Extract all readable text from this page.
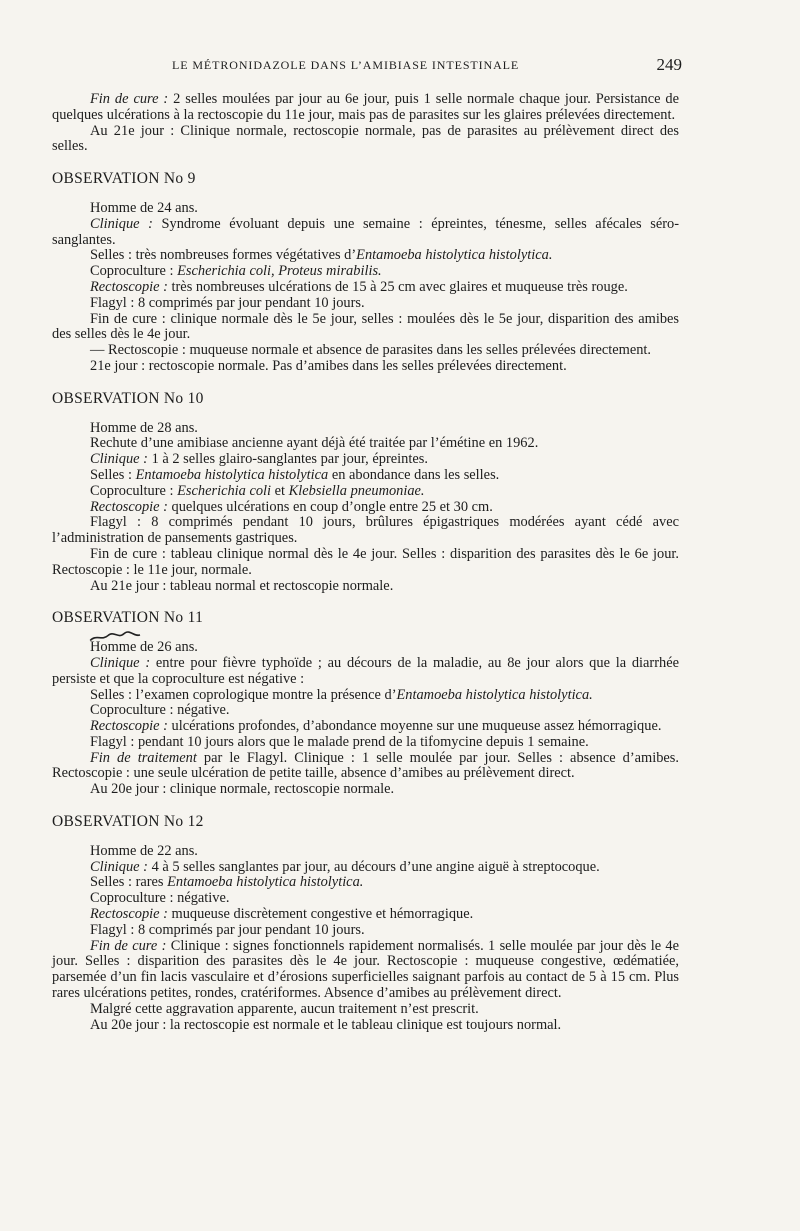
LE MÉTRONIDAZOLE DANS L’AMIBIASE INTESTINALE	249

Fin de cure : 2 selles moulées par jour au 6e jour, puis 1 selle normale chaque jour. Persistance de quelques ulcérations à la rectoscopie du 11e jour, mais pas de parasites sur les glaires prélevées directement.

Au 21e jour : Clinique normale, rectoscopie normale, pas de parasites au prélèvement direct des selles.

OBSERVATION No 9

Homme de 24 ans.

Clinique : Syndrome évoluant depuis une semaine : épreintes, ténesme, selles afécales séro-sanglantes.

Selles : très nombreuses formes végétatives d’Entamoeba histolytica histolytica.

Coproculture : Escherichia coli, Proteus mirabilis.

Rectoscopie : très nombreuses ulcérations de 15 à 25 cm avec glaires et muqueuse très rouge.

Flagyl : 8 comprimés par jour pendant 10 jours.

Fin de cure : clinique normale dès le 5e jour, selles : moulées dès le 5e jour, disparition des amibes des selles dès le 4e jour.

— Rectoscopie : muqueuse normale et absence de parasites dans les selles prélevées directement.

21e jour : rectoscopie normale. Pas d’amibes dans les selles prélevées directement.

OBSERVATION No 10

Homme de 28 ans.

Rechute d’une amibiase ancienne ayant déjà été traitée par l’émétine en 1962.

Clinique : 1 à 2 selles glairo-sanglantes par jour, épreintes.

Selles : Entamoeba histolytica histolytica en abondance dans les selles.

Coproculture : Escherichia coli et Klebsiella pneumoniae.

Rectoscopie : quelques ulcérations en coup d’ongle entre 25 et 30 cm.

Flagyl : 8 comprimés pendant 10 jours, brûlures épigastriques modérées ayant cédé avec l’administration de pansements gastriques.

Fin de cure : tableau clinique normal dès le 4e jour. Selles : disparition des parasites dès le 6e jour. Rectoscopie : le 11e jour, normale.

Au 21e jour : tableau normal et rectoscopie normale.

OBSERVATION No 11

Homme de 26 ans.

Clinique : entre pour fièvre typhoïde ; au décours de la maladie, au 8e jour alors que la diarrhée persiste et que la coproculture est négative :

Selles : l’examen coprologique montre la présence d’Entamoeba histolytica histolytica.

Coproculture : négative.

Rectoscopie : ulcérations profondes, d’abondance moyenne sur une muqueuse assez hémorragique.

Flagyl : pendant 10 jours alors que le malade prend de la tifomycine depuis 1 semaine.

Fin de traitement par le Flagyl. Clinique : 1 selle moulée par jour. Selles : absence d’amibes. Rectoscopie : une seule ulcération de petite taille, absence d’amibes au prélèvement direct.

Au 20e jour : clinique normale, rectoscopie normale.

OBSERVATION No 12

Homme de 22 ans.

Clinique : 4 à 5 selles sanglantes par jour, au décours d’une angine aiguë à streptocoque.

Selles : rares Entamoeba histolytica histolytica.

Coproculture : négative.

Rectoscopie : muqueuse discrètement congestive et hémorragique.

Flagyl : 8 comprimés par jour pendant 10 jours.

Fin de cure : Clinique : signes fonctionnels rapidement normalisés. 1 selle moulée par jour dès le 4e jour. Selles : disparition des parasites dès le 4e jour. Rectoscopie : muqueuse congestive, œdématiée, parsemée d’un fin lacis vasculaire et d’érosions superficielles saignant parfois au contact de 5 à 15 cm. Plus rares ulcérations petites, rondes, cratériformes. Absence d’amibes au prélèvement direct.

Malgré cette aggravation apparente, aucun traitement n’est prescrit.

Au 20e jour : la rectoscopie est normale et le tableau clinique est toujours normal.
